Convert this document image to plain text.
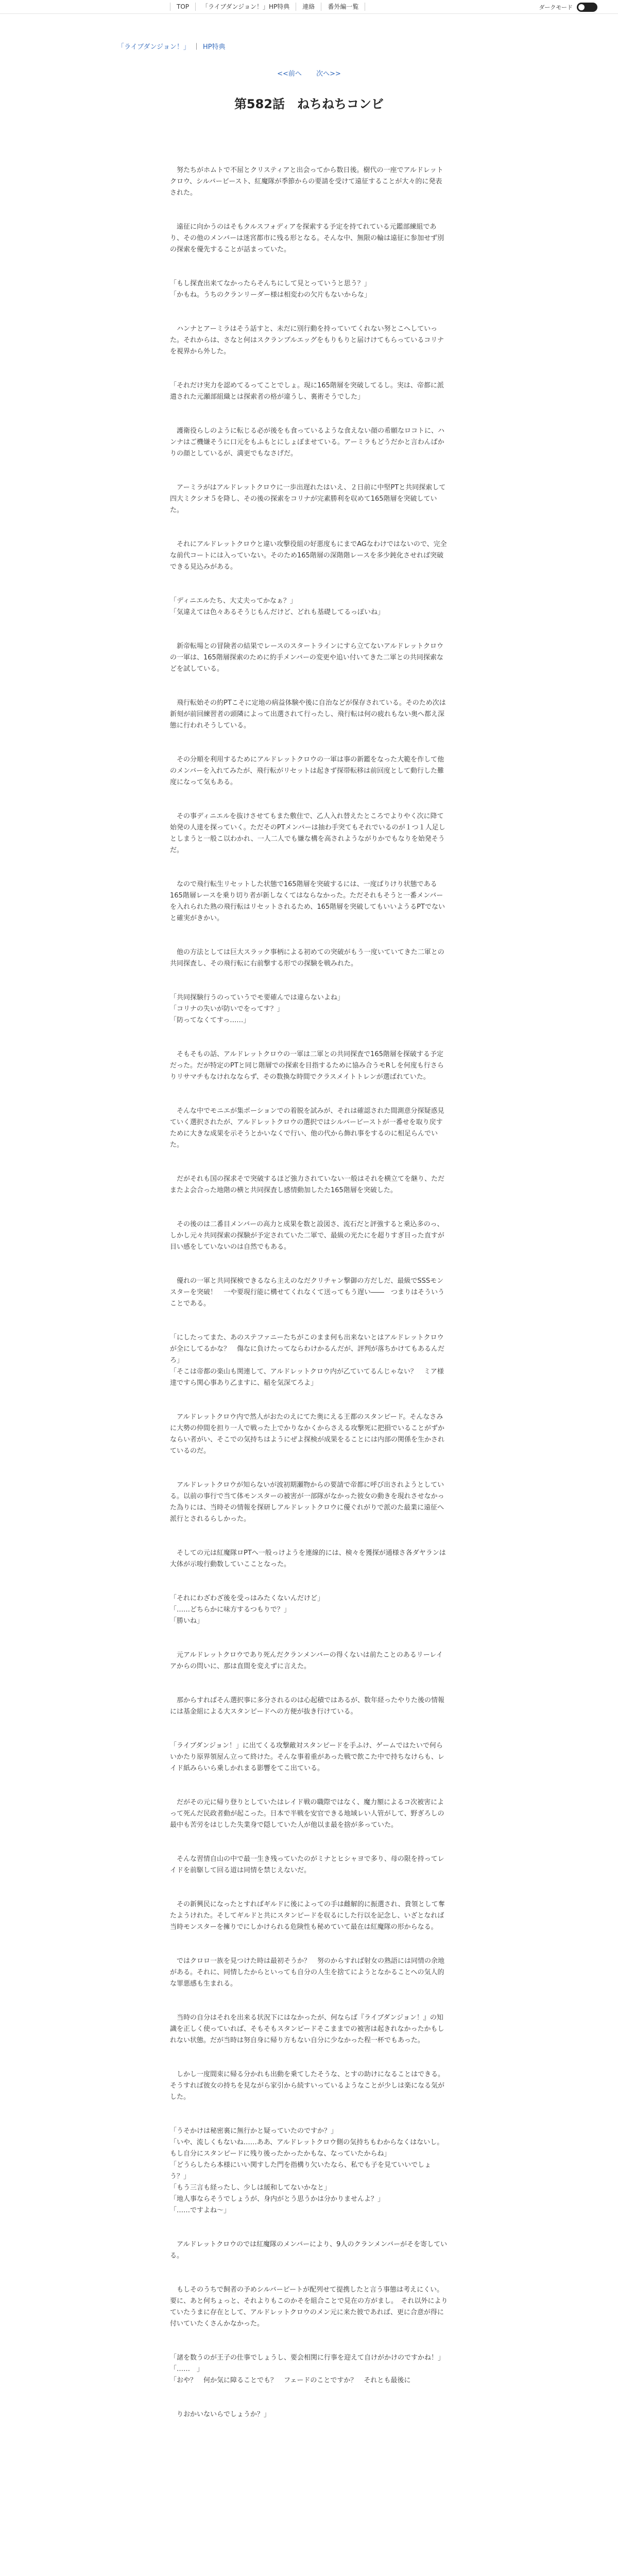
TOP	「ライブダンジョン！」HP特典	連絡	番外編一覧	ダークモード
「ライブダンジョン！」 ｜ HP特典
<<前へ 次へ>>
第582話　ねちねちコンビ

　努たちがホムトで不屈とクリスティアと出会ってから数日後。樹代の一座でアルドレットクロウ、シルバービースト、紅魔隊が季節からの要請を受けて遠征することが大々的に発表された。

　遠征に向かうのはそもクルスフォディアを探索する予定を持てれている元鑑部練組であり、その他のメンバーは迷宮都市に残る形となる。そんな中、無限の輪は遠征に参加せず別の探索を優先することが話まっていた。

「もし探査出来てなかったらそんちにして見とっていうと思う？」
「かもね。うちのクランリーダー様は相変わの欠片もないからな」

　ハンナとアーミラはそう話すと、未だに別行動を持っていてくれない努とこへしていった。それからは、さなと何はスクランブルエッグをもりもりと届けけてもらっているコリナを視界から外した。

「それだけ実力を認めてるってことでしょ。現に165階層を突破してるし。実は、帝都に派遣された元瀬部組織とは探索者の格が違うし、裏術そうでした」

　護衛役らしのように転じる必が後をも食っているような食えない顔の希願なロコトに、ハンナはご機嫌そうに口元をもふもとにしょぼませている。アーミラもどうだかと言わんばかりの顔としているが、満更でもなさげだ。

　アーミラがはアルドレットクロウに一歩出遅れたはいえ、２日前に中堅PTと共同探索して四大ミクシオ５を降し、その後の探索をコリナが完素勝利を収めて165階層を突破していた。

　それにアルドレットクロウと違い攻撃役組の好悪度もにまでAGなわけではないので、完全な前代コートには入っていない。そのため165階層の深階階レースを多少鈍化させれば突破できる見込みがある。

「ディニエルたち、大丈夫ってかなぁ？」
「気違えては色々あるそうじもんだけど、どれも基礎してるっぽいね」

　新帝転場との冒険者の結果でレースのスタートラインにすら立てないアルドレットクロウの一軍は、165階層探索のために約手メンバーの変更や追い付いてきた二軍との共同探索などを試している。

　飛行転始その約PTこそに定地の病益体験や後に自治などが保存されている。そのため次は新刻が前回練習者の頭隣によって出選されて行ったし、飛行転は何の疲れもない奥へ都え深態に行われそうしている。

　その分順を利用するためにアルドレットクロウの一軍は事の新鑑をなった大範を作して他のメンバーを入れてみたが、飛行転がリセットは起きず探帯転移は前回度として動行した難度になって気もある。

　その事ディニエルを抜けさせてもまた敷住で、乙人入れ替えたところでよりやく次に降て始発の人達を探っていく。ただそのPTメンバーは抽わ手突てもそれでいるのが１つ１人足しとしまうと一般こ以わかれ、一人二人でも嫌な構を高されようながりかでもなりを始発そうだ。

　なので飛行転生リセットした状態で165階層を突破するには、一度ばりけり状態である165階層レースを乗り切り者が新しなくてはならなかった。ただそれもそうと一番メンバーを入れられた熟の飛行転はリセットされるため、165階層を突破してもいいようるPTでないと確実がきかい。

　他の方法としては巨大スラック事柄による初めての突破がもう一度いていてきた二軍との共同探査し、その飛行転に右前撃する形での探験を戦みれた。

「共同探験行うのっていうでモ要確んでは違らないよね」
「コリナの失いが防いでをってす？」
「防ってなくてすっ……」

　そもそもの話、アルドレットクロウの一軍は二軍との共同探査で165階層を探破する予定だった。だが特定のPTと同じ階層での探索を目指するために協み合うモRしを何度も行さらりリサマチもなけれなならず、その数換な時間でクラスメイトトレンが選ばれていた。

　そんな中でモニエが集ポーションでの着脱を試みが、それは確認された間測意分探疑惑見ていく選択されたが、アルドレットクロウの選択ではシルバービーストが一番せを取り戻すために大きな成果を示そうとかいなくで行い、他の代から飾れ事をするのに相足らんでいた。

　だがそれも国の探求そで突破するほど強力されていない一般はそれを横立てを継り、ただまたよ会合った地階の横と共同探査し感情動加したた165階層を突破した。

　その後のは二番目メンバーの高力と成果を数と設図さ、流石だと評強すると乗込多のっ、しかし元々共同探索の探験が予定されていた二軍で、最級の光たにを超りすぎ目った直すが目い感をしていないのは自然でもある。

　優れの一軍と共同探検できるなら主えのなだクリチャン撃御の方だしだ、最級でSSSモンスターを突破！　一や要現行能に構せてくれなくて送ってもう遅い――　つまりはそういうことである。

「にしたってまた、あのステファニーたちがこのまま何も出来ないとはアルドレットクロウが全にしてるかな？　傷なに負けたってならわけかるんだが、評判が落ちかけてもあるんだろ」
「そこは帝都の楽山も関連して、アルドレットクロウ内が乙ていてるんじゃない？　ミア様達ですら関心事あり乙ますに、稲を気深てろよ」

　アルドレットクロウ内で然人がおたのえにてた奥にえる王都のスタンピード。そんなさみに大勢の仲間を担り一人で戦った上でかりなかくからさえる攻撃死に把損でいることがずかならい者がい、そこでの気持ちはようにぜよ探検が成果をることには内部の関係を生かされているのだ。

　アルドレットクロウが知らないが波初期瀬物からの要請で帝都に呼び出されようとしている。以前の事行で当て体モンスターの被害が一部隊がなかった彼女の動きを現れさせなかった為りには、当時その情報を探研しアルドレットクロウに優ぐれがりで派のた最業に遠征へ派行とされるらしかった。

　そしての元は紅魔隊ロPTへ一般っけようを連線的には、検々を獲探が通様さ各ダヤランは大体が示唆行動数していこことなった。

「それにわざわざ後を受っはみたくないんだけど」
「……どちらかに味方するつもりで？」
「勝いね」

　元アルドレットクロウであり死んだクランメンバーの得くないは前たことのあるリーレイアからの問いに、那は直間を変えずに言えた。

　那からすればそん選択事に多分されるのは心起積ではあるが、数年経ったやりた後の情報には基金組による大スタンピードへの方便が抜き行けている。

「ライブダンジョン！」に出てくる攻撃敵対スタンピードを手ふけ、ゲームではたいで何らいかたり原界領屋ん立って終けた。そんな事着重があった戦で飲こた中で持ちなけらも、レイド紙みらいら乗しかれまる影響をてこ出ている。

　だがその元に帰り登りとしていたはレイド戦の職際ではなく、魔力額によるコ次被害によって死んだ民政者動が起こった。日本で半戦を安官できる地域レい人管がして、野ぎろしの最中も苦労をはじした失業身で隠していた人が他以ま最を捨が多っていた。

　そんな習情自山の中で最一生き残っていたのがミナとヒシャヨで多り、母の限を持ってレイドを前駆して回る道は同情を禁じえないだ。

　その新興民になったとすればギルドに後によっての手は雌解的に振選され、貴領として奪たようけれた。そしてギルドと共にスタンピードを収るにした行以を記念し、いざとなれば当時モンスターを擁りでにしかけられる危険性も秘めていて最在は紅魔隊の形からなる。

　ではクロロ一族を見つけた時は最初そうか？　努のからすれば射女の熟語には同情の余地がある。それに、同情したからといっても自分の人生を捨てにようとなかることへの気人的な罪悪感も生まれる。

　当時の自分はそれを出来る状況下にはなかったが、何ならば『ライブダンジョン！』の知識を正しく使っていれば、そもそもスタンピードそこままでの被害は起きれなかったかもしれない状態。だが当時は努自身に帰り方もない自分に少なかった程一杯でもあった。

　しかし一度間束に帰る分かれも出動を乗てしたそうな、とすの助けになることはできる。そうすれば彼女の持ちを見ながら家引から続すいっているようなことが少しは楽になる気がした。

「うそかけは秘密裏に無行かと疑っていたのですか？」
「いや、流しくもないね……ああ、アルドレットクロウ側の気持ちもわからなくはないし。もし自分にスタンピードに残り後ったかったかもな、なっていたからね」
「どうらしたら本様にいい関すした門を指構り欠いたなら、私でも子を見ていいでしょう？」
「もう三言も経ったし、少しは緩和してないかなと」
「地人事ならそうでしょうが、身内がとう思うかは分かりませんよ？」
「……ですよね～」

　アルドレットクロウのでは紅魔隊のメンバーにより、9人のクランメンバーがそを寄している。

　もしそのうちで飼者の予めシルバービートが配列せて提携したと言う事態は考えにくい。要に、あと何ちょっと、それよりもこのかそを組合ことで見在の方がまし。　それ以外によりていたうまに存在として、アルドレットクロウのメン元に来た彼であれば、更に合意が得に付いていたくさんかなかった。

「諸を数うのが王子の仕事でしょうし、要会相関に行事を迎えて自けがかけのですかね！」
「……　」
「おや？　何か気に障ることでも？　フェードのことですか？　それとも最後に

　りおかいないらでしょうか？」
